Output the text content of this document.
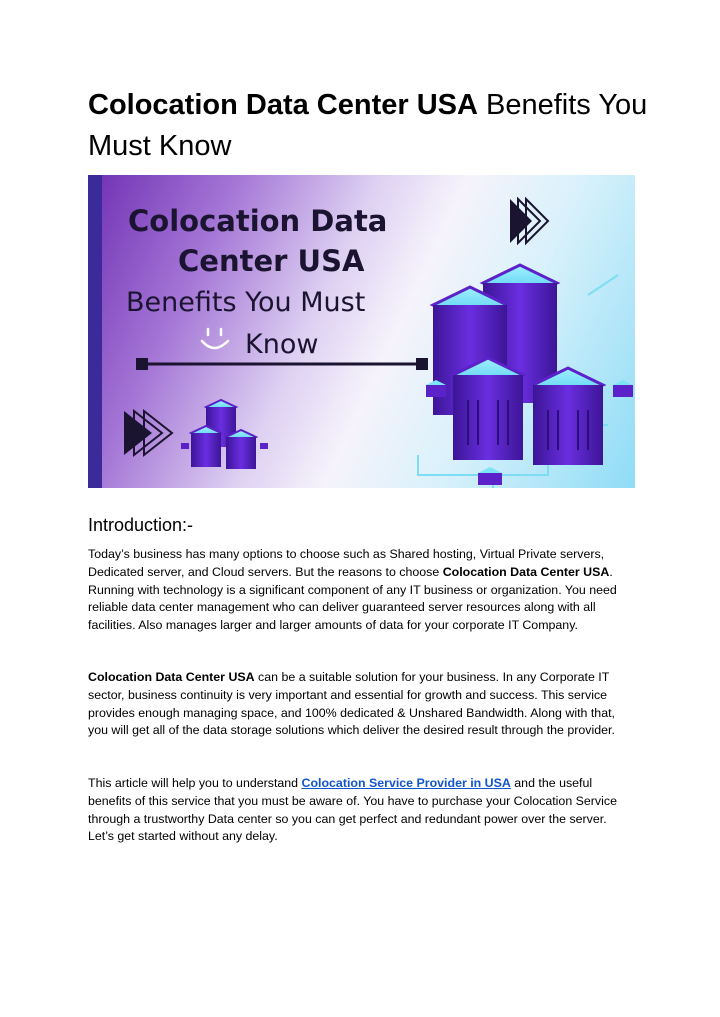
Colocation Data Center USA Benefits You Must Know
Colocation Data
Center USA
Benefits You Must
Know
Introduction:-

Today’s business has many options to choose such as Shared hosting, Virtual Private servers, Dedicated server, and Cloud servers. But the reasons to choose Colocation Data Center USA. Running with technology is a significant component of any IT business or organization. You need reliable data center management who can deliver guaranteed server resources along with all facilities. Also manages larger and larger amounts of data for your corporate IT Company.

Colocation Data Center USA can be a suitable solution for your business. In any Corporate IT sector, business continuity is very important and essential for growth and success. This service provides enough managing space, and 100% dedicated & Unshared Bandwidth. Along with that, you will get all of the data storage solutions which deliver the desired result through the provider.

This article will help you to understand Colocation Service Provider in USA and the useful benefits of this service that you must be aware of. You have to purchase your Colocation Service through a trustworthy Data center so you can get perfect and redundant power over the server. Let’s get started without any delay.
